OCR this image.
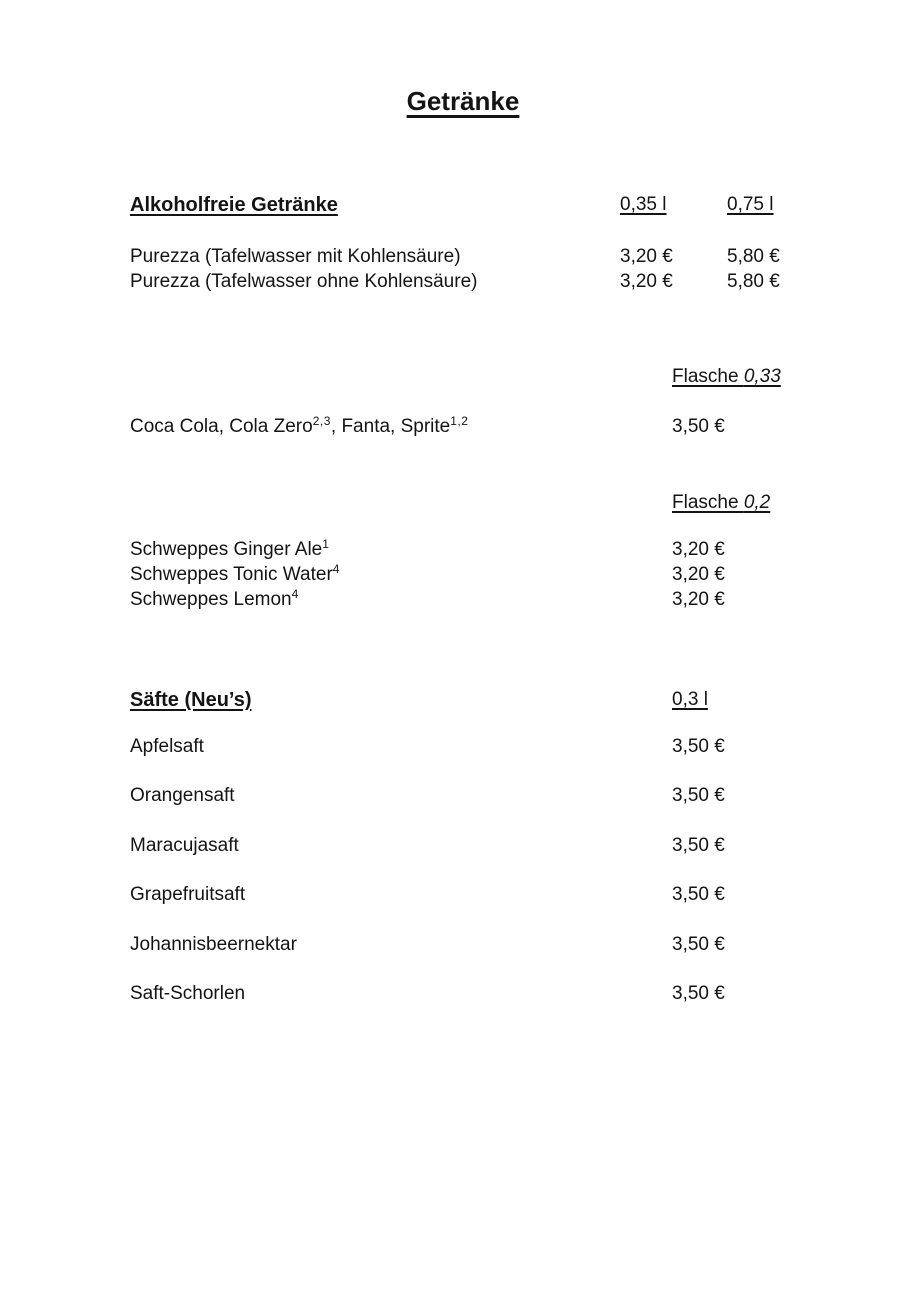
Getränke
Alkoholfreie Getränke	0,35 l	0,75 l
Purezza (Tafelwasser mit Kohlensäure)	3,20 €	5,80 €
Purezza (Tafelwasser ohne Kohlensäure)	3,20 €	5,80 €
Flasche 0,33
Coca Cola, Cola Zero$^{2,3}$, Fanta, Sprite$^{1,2}$	3,50 €
Flasche 0,2
Schweppes Ginger Ale$^1$	3,20 €
Schweppes Tonic Water$^4$	3,20 €
Schweppes Lemon$^4$	3,20 €
Säfte (Neu’s)	0,3 l
Apfelsaft	3,50 €
Orangensaft	3,50 €
Maracujasaft	3,50 €
Grapefruitsaft	3,50 €
Johannisbeernektar	3,50 €
Saft-Schorlen	3,50 €
